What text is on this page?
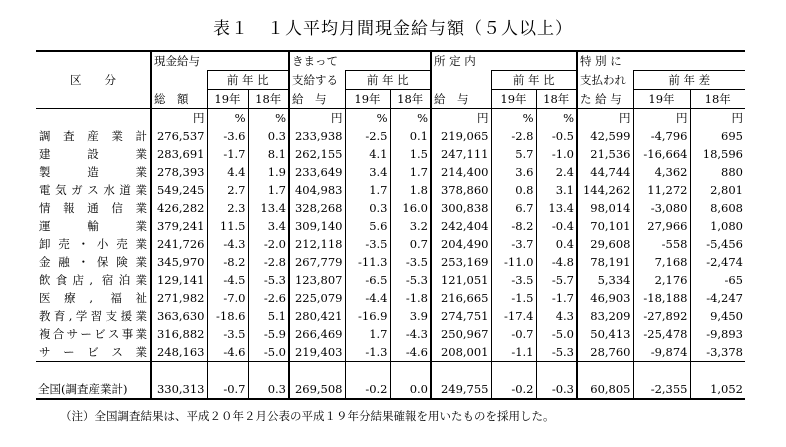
表１　１人平均月間現金給与額（５人以上）
区　　分	現金給与			きまって			所 定 内			特 別 に		
		前 年 比		支給する	前 年 比			前 年 比		支払われ	前 年 差	
	総　額	19年	18年	給　与	19年	18年	給　与	19年	18年	た 給 与	19年	18年
	円	%	%	円	%	%	円	%	%	円	円	円
調査産業計	276,537	-3.6	0.3	233,938	-2.5	0.1	219,065	-2.8	-0.5	42,599	-4,796	695
建設業	283,691	-1.7	8.1	262,155	4.1	1.5	247,111	5.7	-1.0	21,536	-16,664	18,596
製造業	278,393	4.4	1.9	233,649	3.4	1.7	214,400	3.6	2.4	44,744	4,362	880
電気ガス水道業	549,245	2.7	1.7	404,983	1.7	1.8	378,860	0.8	3.1	144,262	11,272	2,801
情報通信業	426,282	2.3	13.4	328,268	0.3	16.0	300,838	6.7	13.4	98,014	-3,080	8,608
運輸業	379,241	11.5	3.4	309,140	5.6	3.2	242,404	-8.2	-0.4	70,101	27,966	1,080
卸売・小売業	241,726	-4.3	-2.0	212,118	-3.5	0.7	204,490	-3.7	0.4	29,608	-558	-5,456
金融・保険業	345,970	-8.2	-2.8	267,779	-11.3	-3.5	253,169	-11.0	-4.8	78,191	7,168	-2,474
飲食店, 宿泊業	129,141	-4.5	-5.3	123,807	-6.5	-5.3	121,051	-3.5	-5.7	5,334	2,176	-65
医療, 福祉	271,982	-7.0	-2.6	225,079	-4.4	-1.8	216,665	-1.5	-1.7	46,903	-18,188	-4,247
教育,学習支援業	363,630	-18.6	5.1	280,421	-16.9	3.9	274,751	-17.4	4.3	83,209	-27,892	9,450
複合サービス事業	316,882	-3.5	-5.9	266,469	1.7	-4.3	250,967	-0.7	-5.0	50,413	-25,478	-9,893
サービス業	248,163	-4.6	-5.0	219,403	-1.3	-4.6	208,001	-1.1	-5.3	28,760	-9,874	-3,378

全国(調査産業計)	330,313	-0.7	0.3	269,508	-0.2	0.0	249,755	-0.2	-0.3	60,805	-2,355	1,052
（注）全国調査結果は、平成２０年２月公表の平成１９年分結果確報を用いたものを採用した。
